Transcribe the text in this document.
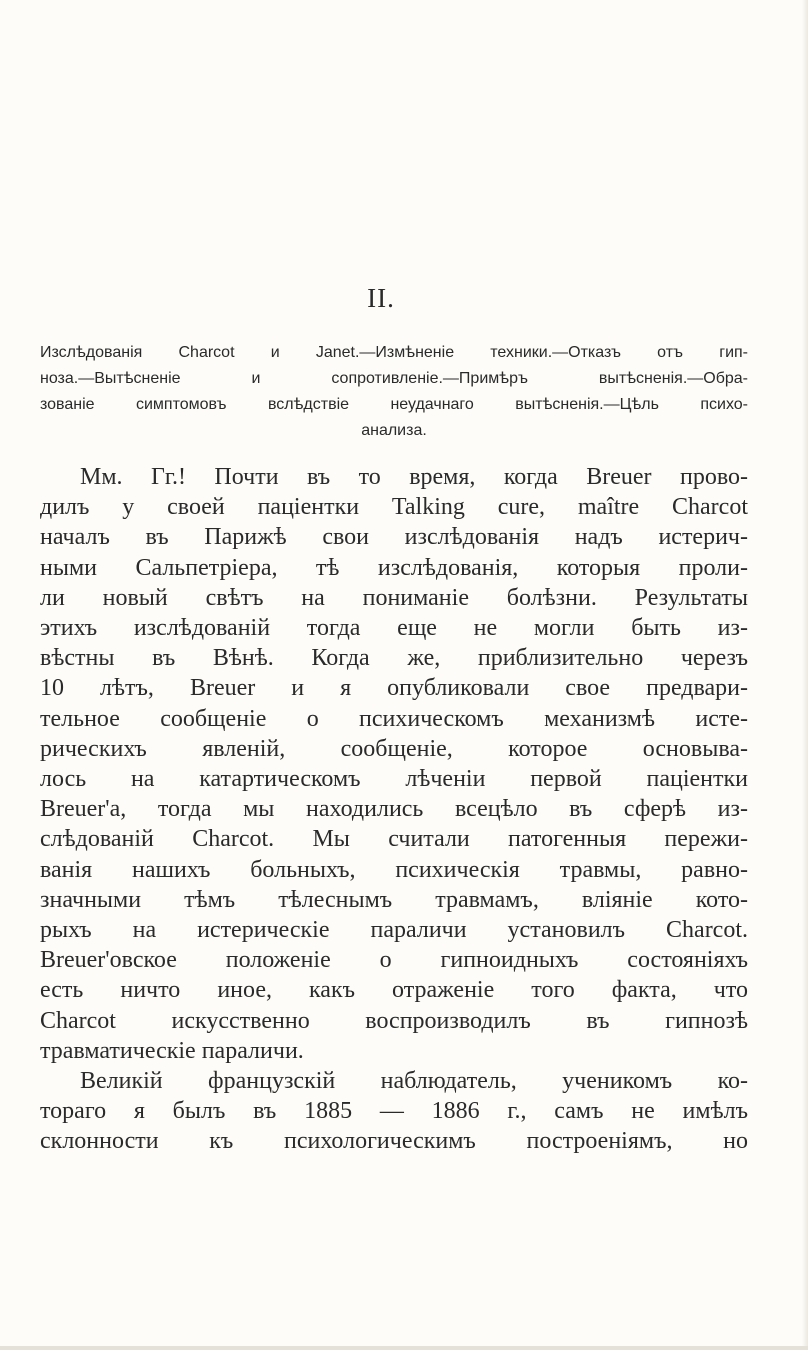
II.
Изслѣдованія Charcot и Janet.—Измѣненіе техники.—Отказъ отъ гип-
ноза.—Вытѣсненіе и сопротивленіе.—Примѣръ вытѣсненія.—Обра-
зованіе симптомовъ вслѣдствіе неудачнаго вытѣсненія.—Цѣль психо-
анализа.
Мм. Гг.! Почти въ то время, когда Breuer прово-
дилъ у своей паціентки Talking cure, maître Charcot
началъ въ Парижѣ свои изслѣдованія надъ истерич-
ными Сальпетріера, тѣ изслѣдованія, которыя проли-
ли новый свѣтъ на пониманіе болѣзни. Результаты
этихъ изслѣдованій тогда еще не могли быть из-
вѣстны въ Вѣнѣ. Когда же, приблизительно черезъ
10 лѣтъ, Breuer и я опубликовали свое предвари-
тельное сообщеніе о психическомъ механизмѣ исте-
рическихъ явленій, сообщеніе, которое основыва-
лось на катартическомъ лѣченіи первой паціентки
Breuer'a, тогда мы находились всецѣло въ сферѣ из-
слѣдованій Charcot. Мы считали патогенныя пережи-
ванія нашихъ больныхъ, психическія травмы, равно-
значными тѣмъ тѣлеснымъ травмамъ, вліяніе кото-
рыхъ на истерическіе параличи установилъ Charcot.
Breuer'овское положеніе о гипноидныхъ состояніяхъ
есть ничто иное, какъ отраженіе того факта, что
Charcot искусственно воспроизводилъ въ гипнозѣ
травматическіе параличи.
Великій французскій наблюдатель, ученикомъ ко-
тораго я былъ въ 1885 — 1886 г., самъ не имѣлъ
склонности къ психологическимъ построеніямъ, но
